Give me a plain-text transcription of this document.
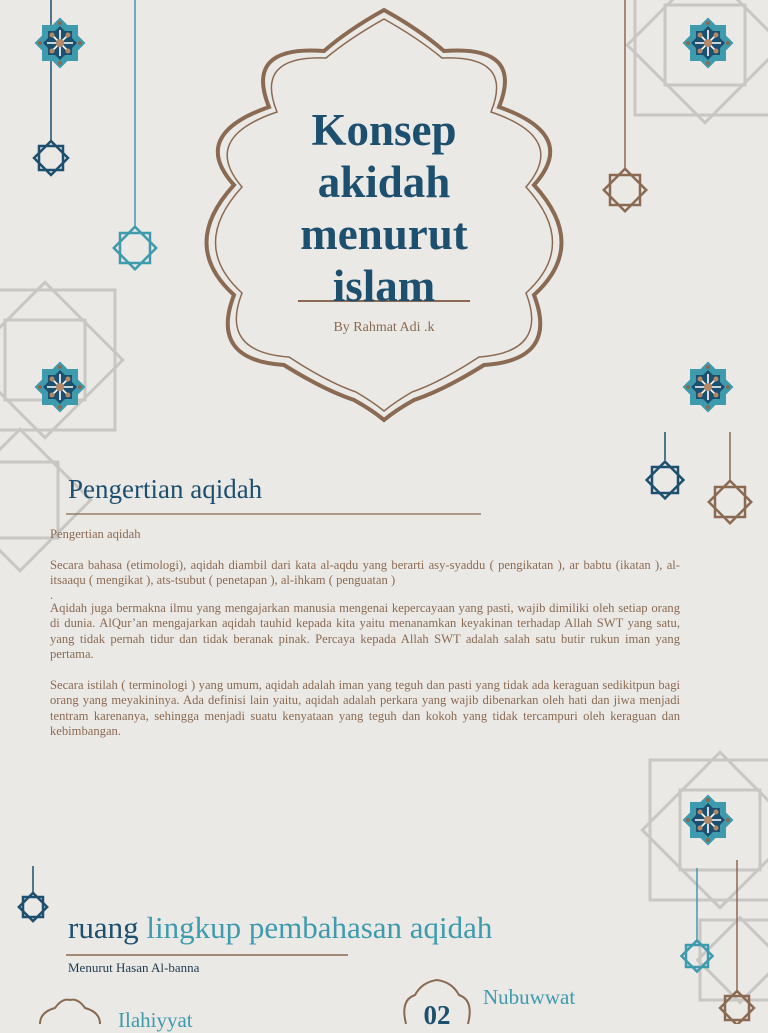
Konsep
akidah
menurut
islam
By Rahmat Adi .k
Pengertian aqidah

Pengertian aqidah

Secara bahasa (etimologi), aqidah diambil dari kata al-aqdu yang berarti asy-syaddu ( pengikatan ), ar babtu (ikatan ), al-itsaaqu ( mengikat ), ats-tsubut ( penetapan ), al-ihkam ( penguatan )

.

Aqidah juga bermakna ilmu yang mengajarkan manusia mengenai kepercayaan yang pasti, wajib dimiliki oleh setiap orang di dunia. AlQur’an mengajarkan aqidah tauhid kepada kita yaitu menanamkan keyakinan terhadap Allah SWT yang satu, yang tidak pernah tidur dan tidak beranak pinak. Percaya kepada Allah SWT adalah salah satu butir rukun iman yang pertama.

Secara istilah ( terminologi ) yang umum, aqidah adalah iman yang teguh dan pasti yang tidak ada keraguan sedikitpun bagi orang yang meyakininya. Ada definisi lain yaitu, aqidah adalah perkara yang wajib dibenarkan oleh hati dan jiwa menjadi tentram karenanya, sehingga menjadi suatu kenyataan yang teguh dan kokoh yang tidak tercampuri oleh keraguan dan kebimbangan.

ruang lingkup pembahasan aqidah
Menurut Hasan Al-banna
Ilahiyyat
Nubuwwat
02
